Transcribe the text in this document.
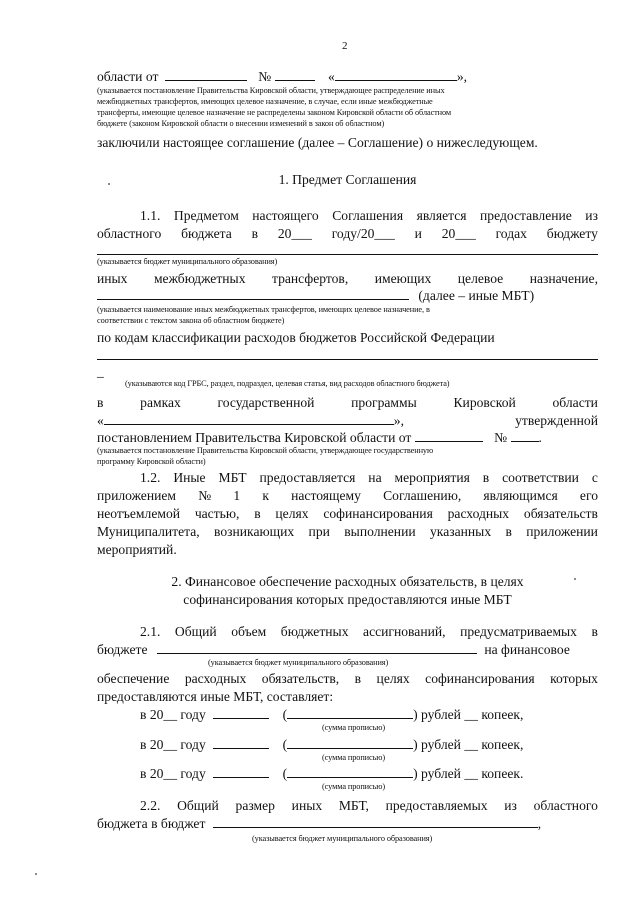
2
области от	№	«	»,
(указывается постановление Правительства Кировской области, утверждающее распределение иных
межбюджетных трансфертов, имеющих целевое назначение, в случае, если иные межбюджетные
трансферты, имеющие целевое назначение не распределены законом Кировской области об областном
бюджете (законом Кировской области о внесении изменений в закон об областном)
заключили настоящее соглашение (далее – Соглашение) о нижеследующем.
1. Предмет Соглашения
1.1. Предметом настоящего Соглашения является предоставление из
областного бюджета в 20___ году/20___ и 20___ годах бюджету
(указывается бюджет муниципального образования)
иных межбюджетных трансфертов, имеющих целевое назначение,
(далее – иные МБТ)
(указывается наименование иных межбюджетных трансфертов, имеющих целевое назначение, в
соответствии с текстом закона об областном бюджете)
по кодам классификации расходов бюджетов Российской Федерации
_
(указываются код ГРБС, раздел, подраздел, целевая статья, вид расходов областного бюджета)
в	рамках	государственной	программы	Кировской	области
«	»,	утвержденной
постановлением Правительства Кировской области от	№ .
(указывается постановление Правительства Кировской области, утверждающее государственную
программу Кировской области)
1.2. Иные МБТ предоставляется на мероприятия в соответствии с
приложением № 1 к настоящему Соглашению, являющимся его
неотъемлемой частью, в целях софинансирования расходных обязательств
Муниципалитета, возникающих при выполнении указанных в приложении
мероприятий.
2. Финансовое обеспечение расходных обязательств, в целях
софинансирования которых предоставляются иные МБТ
2.1. Общий объем бюджетных ассигнований, предусматриваемых в
бюджете	на финансовое
(указывается бюджет муниципального образования)
обеспечение расходных обязательств, в целях софинансирования которых
предоставляются иные МБТ, составляет:
в 20__ году	(	) рублей __ копеек,
(сумма прописью)
в 20__ году	(	) рублей __ копеек,
(сумма прописью)
в 20__ году	(	) рублей __ копеек.
(сумма прописью)
2.2. Общий размер иных МБТ, предоставляемых из областного
бюджета в бюджет	,
(указывается бюджет муниципального образования)
